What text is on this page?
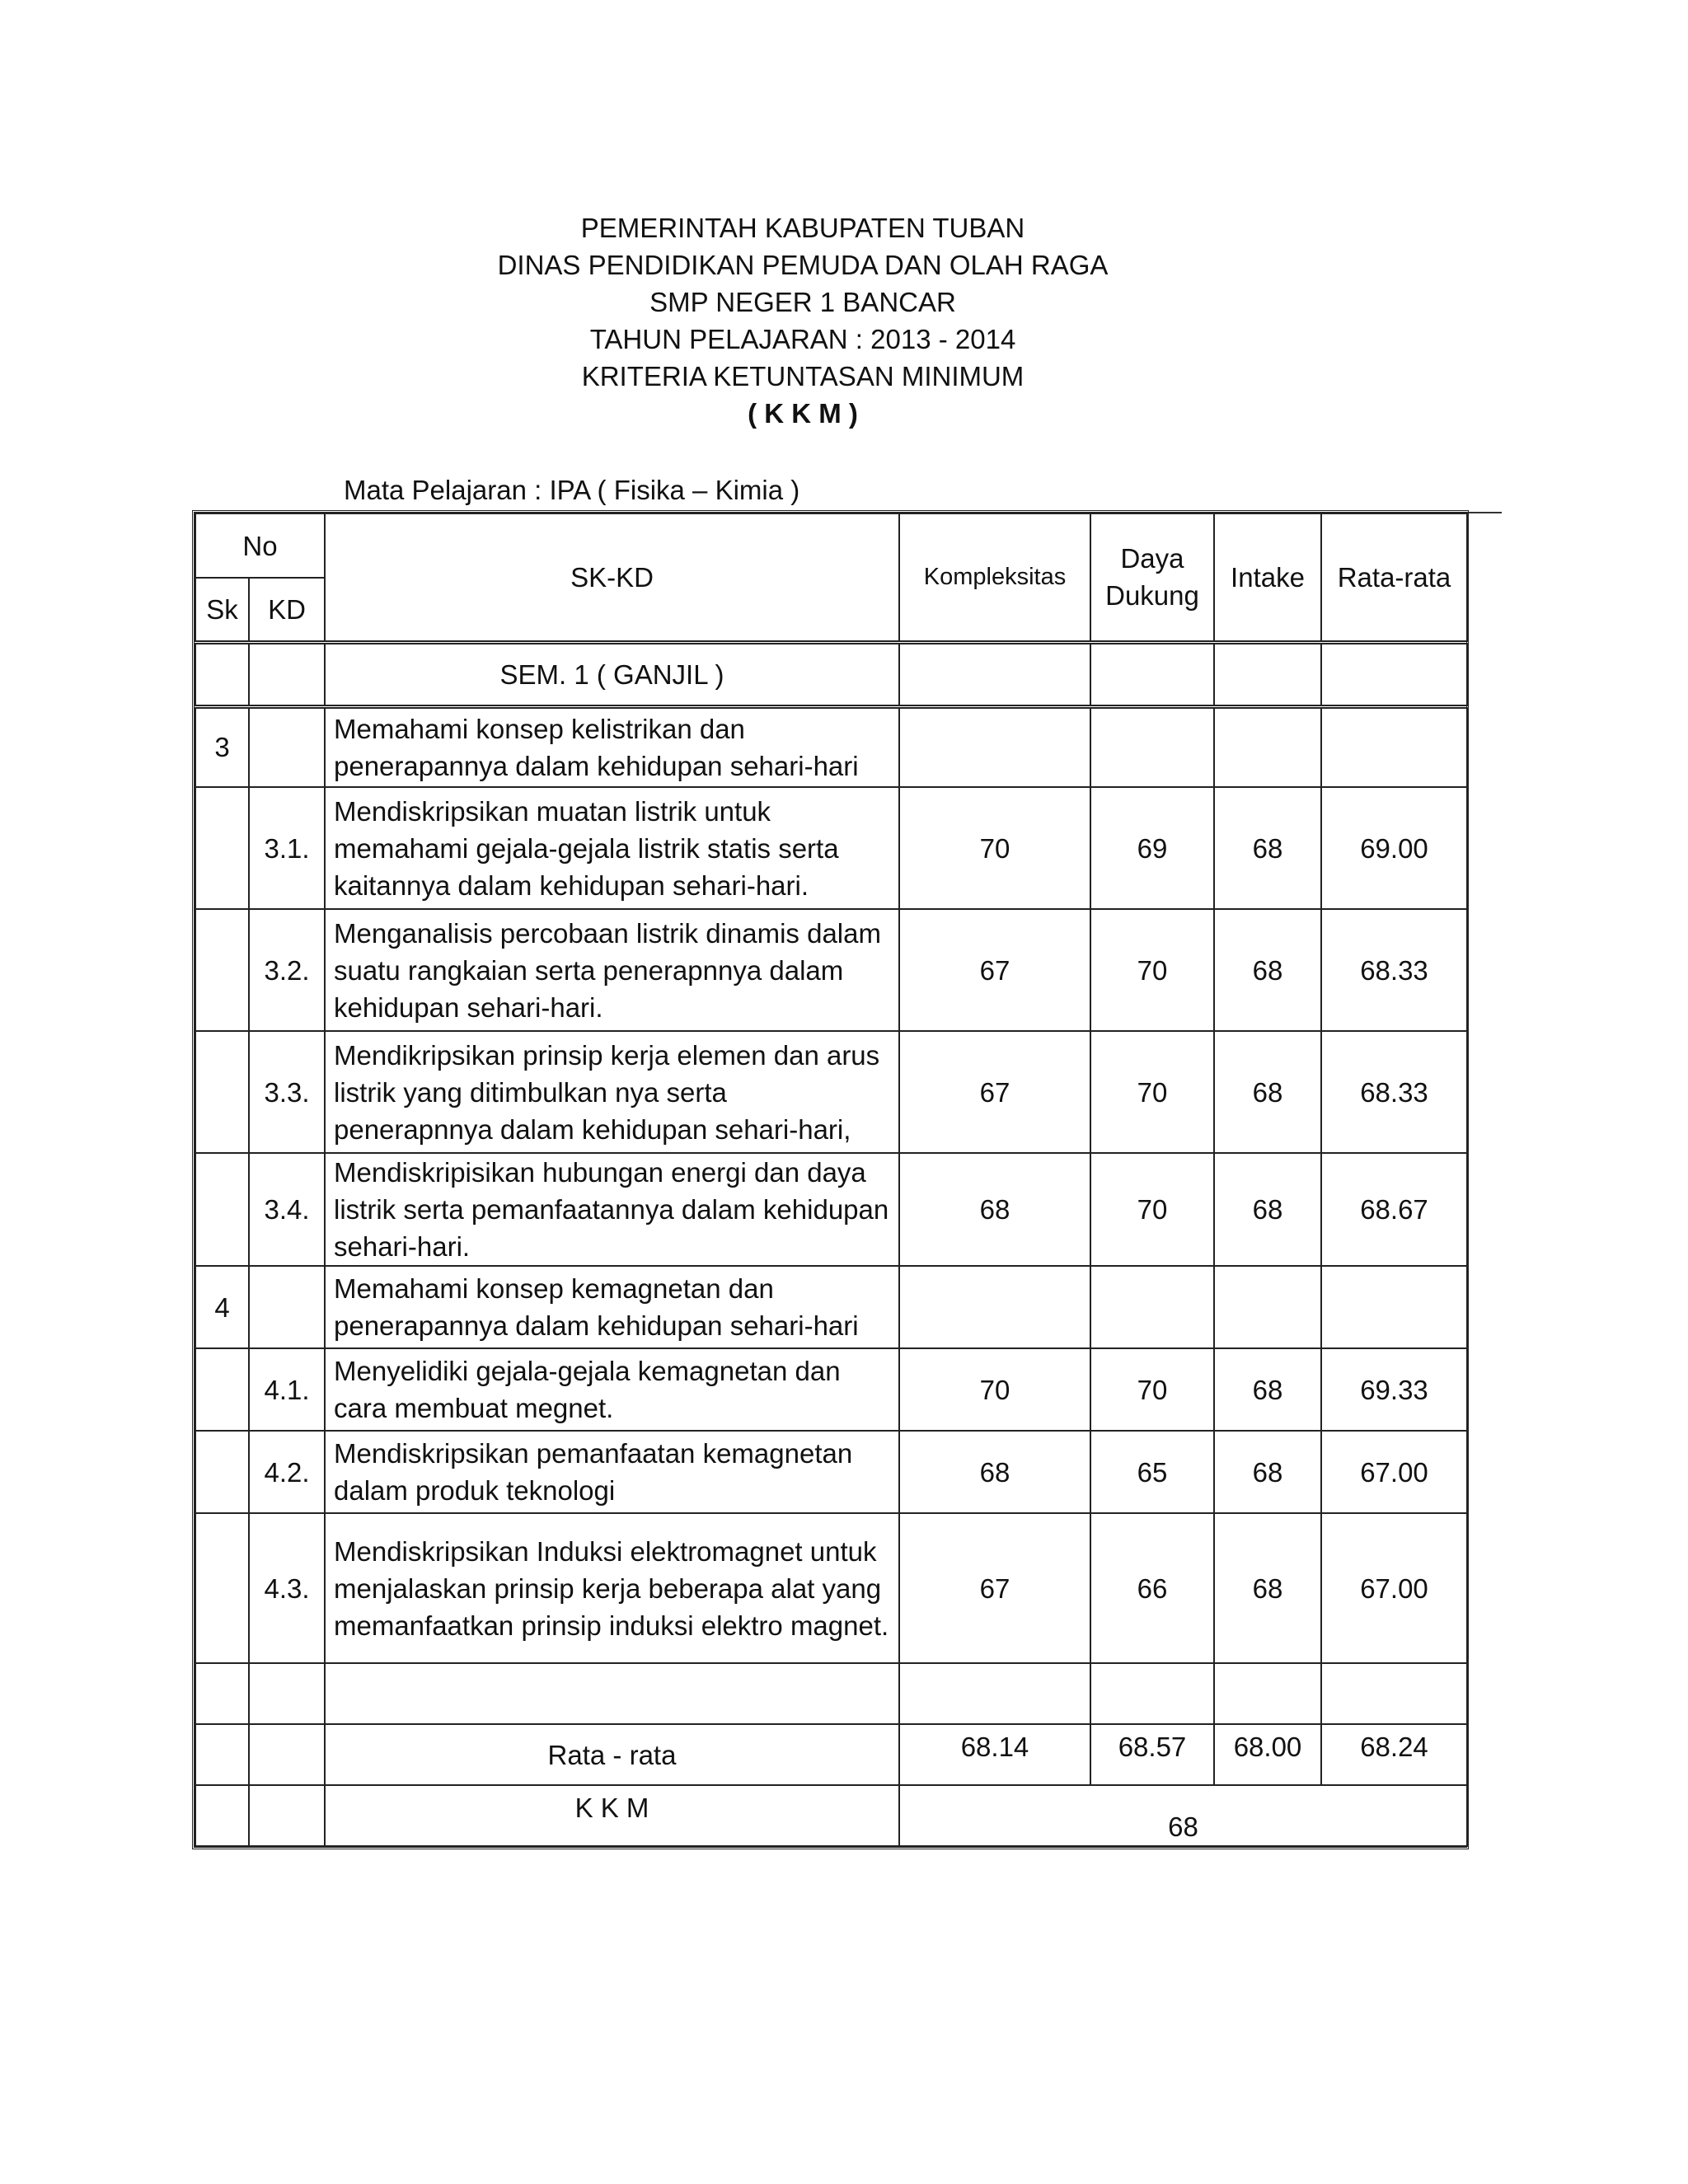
PEMERINTAH KABUPATEN TUBAN
DINAS PENDIDIKAN PEMUDA DAN OLAH RAGA
SMP NEGER 1 BANCAR
TAHUN PELAJARAN : 2013 - 2014
KRITERIA KETUNTASAN MINIMUM
( K K M )
Mata Pelajaran : IPA ( Fisika – Kimia )
No		SK-KD	Kompleksitas	Daya Dukung	Intake	Rata-rata
Sk	KD					
		SEM. 1 ( GANJIL )				
3		Memahami konsep kelistrikan dan penerapannya dalam kehidupan sehari-hari				
	3.1.	Mendiskripsikan muatan listrik untuk memahami gejala-gejala listrik statis serta kaitannya dalam kehidupan sehari-hari.	70	69	68	69.00
	3.2.	Menganalisis percobaan listrik dinamis dalam suatu rangkaian serta penerapnnya dalam kehidupan sehari-hari.	67	70	68	68.33
	3.3.	Mendikripsikan prinsip kerja elemen dan arus listrik yang ditimbulkan nya serta penerapnnya dalam kehidupan sehari-hari,	67	70	68	68.33
	3.4.	Mendiskripisikan hubungan energi dan daya listrik serta pemanfaatannya dalam kehidupan sehari-hari.	68	70	68	68.67
4		Memahami konsep kemagnetan dan penerapannya dalam kehidupan sehari-hari				
	4.1.	Menyelidiki gejala-gejala kemagnetan dan cara membuat megnet.	70	70	68	69.33
	4.2.	Mendiskripsikan pemanfaatan kemagnetan dalam produk teknologi	68	65	68	67.00
	4.3.	Mendiskripsikan Induksi elektromagnet untuk menjalaskan prinsip kerja beberapa alat yang memanfaatkan prinsip induksi elektro magnet.	67	66	68	67.00

		Rata - rata	68.14	68.57	68.00	68.24
		K K M	68			
